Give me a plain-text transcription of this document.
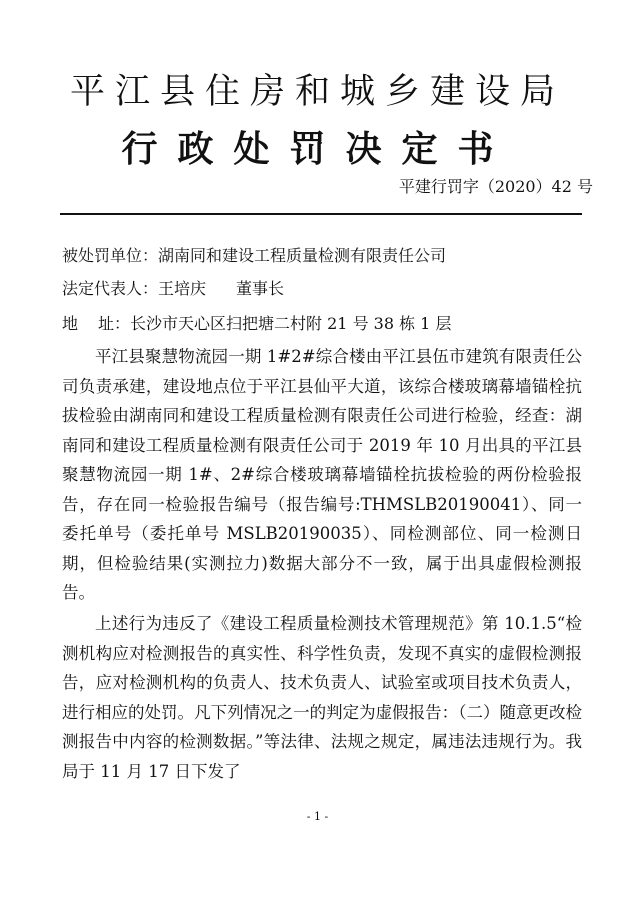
平江县住房和城乡建设局
行政处罚决定书
平建行罚字（2020）42 号
被处罚单位：湖南同和建设工程质量检测有限责任公司
法定代表人：王培庆 董事长
地 址：长沙市天心区扫把塘二村附 21 号 38 栋 1 层

平江县聚慧物流园一期 1#2#综合楼由平江县伍市建筑有限责任公司负责承建，建设地点位于平江县仙平大道，该综合楼玻璃幕墙锚栓抗拔检验由湖南同和建设工程质量检测有限责任公司进行检验，经查：湖南同和建设工程质量检测有限责任公司于 2019 年 10 月出具的平江县聚慧物流园一期 1#、2#综合楼玻璃幕墙锚栓抗拔检验的两份检验报告，存在同一检验报告编号（报告编号:THMSLB20190041）、同一委托单号（委托单号 MSLB20190035）、同检测部位、同一检测日期，但检验结果(实测拉力)数据大部分不一致，属于出具虚假检测报告。

上述行为违反了《建设工程质量检测技术管理规范》第 10.1.5“检测机构应对检测报告的真实性、科学性负责，发现不真实的虚假检测报告，应对检测机构的负责人、技术负责人、试验室或项目技术负责人，进行相应的处罚。凡下列情况之一的判定为虚假报告：（二）随意更改检测报告中内容的检测数据。”等法律、法规之规定，属违法违规行为。我局于 11 月 17 日下发了

- 1 -
